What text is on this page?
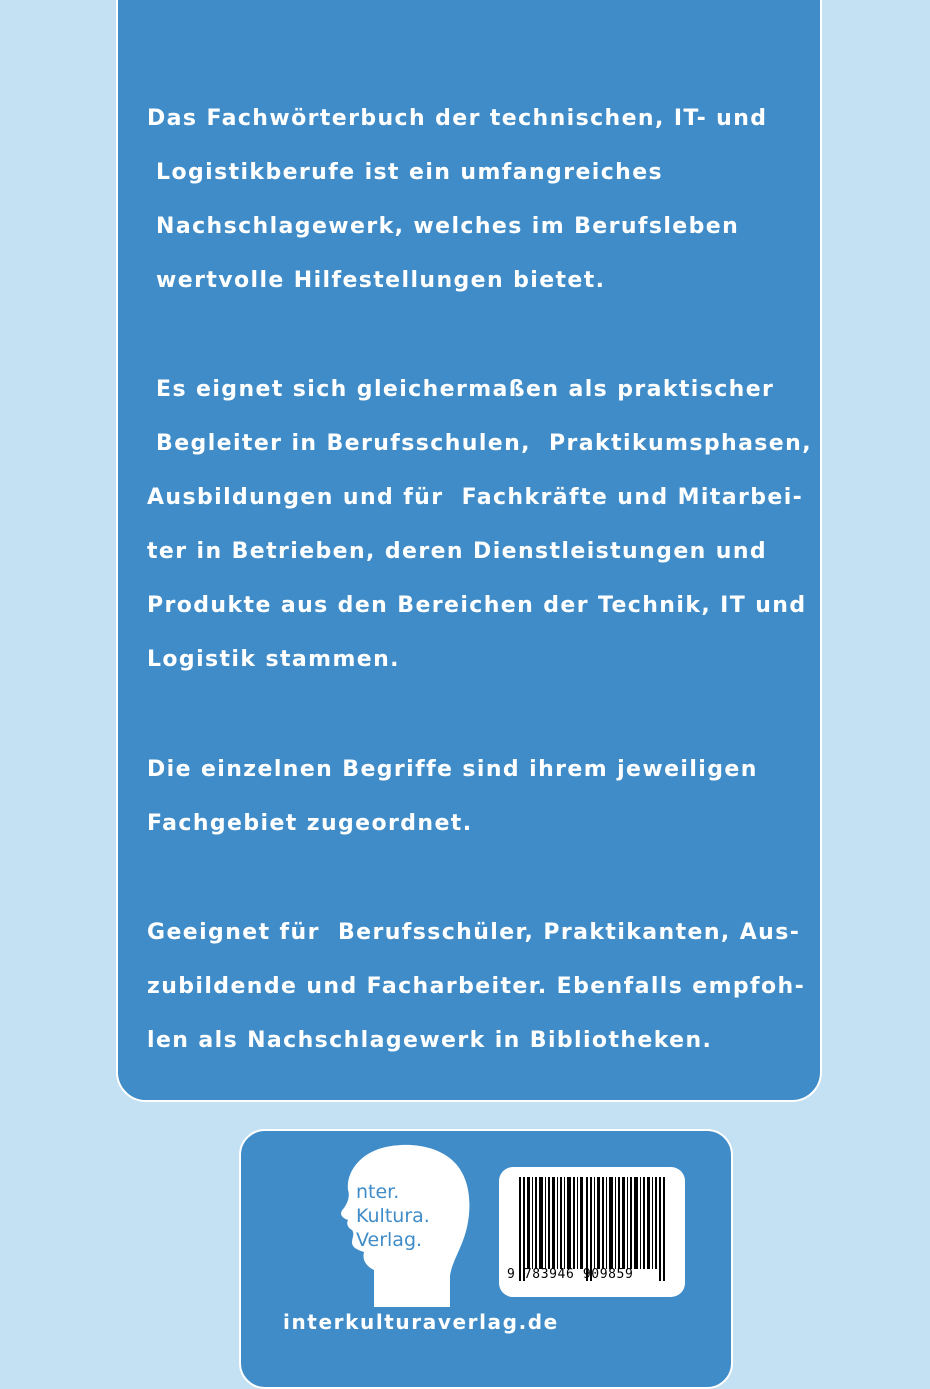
Das Fachwörterbuch der technischen, IT- und
Logistikberufe ist ein umfangreiches
Nachschlagewerk, welches im Berufsleben
wertvolle Hilfestellungen bietet.
Es eignet sich gleichermaßen als praktischer
Begleiter in Berufsschulen,  Praktikumsphasen,
Ausbildungen und für  Fachkräfte und Mitarbei-
ter in Betrieben, deren Dienstleistungen und
Produkte aus den Bereichen der Technik, IT und
Logistik stammen.
Die einzelnen Begriffe sind ihrem jeweiligen
Fachgebiet zugeordnet.
Geeignet für  Berufsschüler, Praktikanten, Aus-
zubildende und Facharbeiter. Ebenfalls empfoh-
len als Nachschlagewerk in Bibliotheken.
nter.
Kultura.
Verlag.
9 783946 909859
interkulturaverlag.de
